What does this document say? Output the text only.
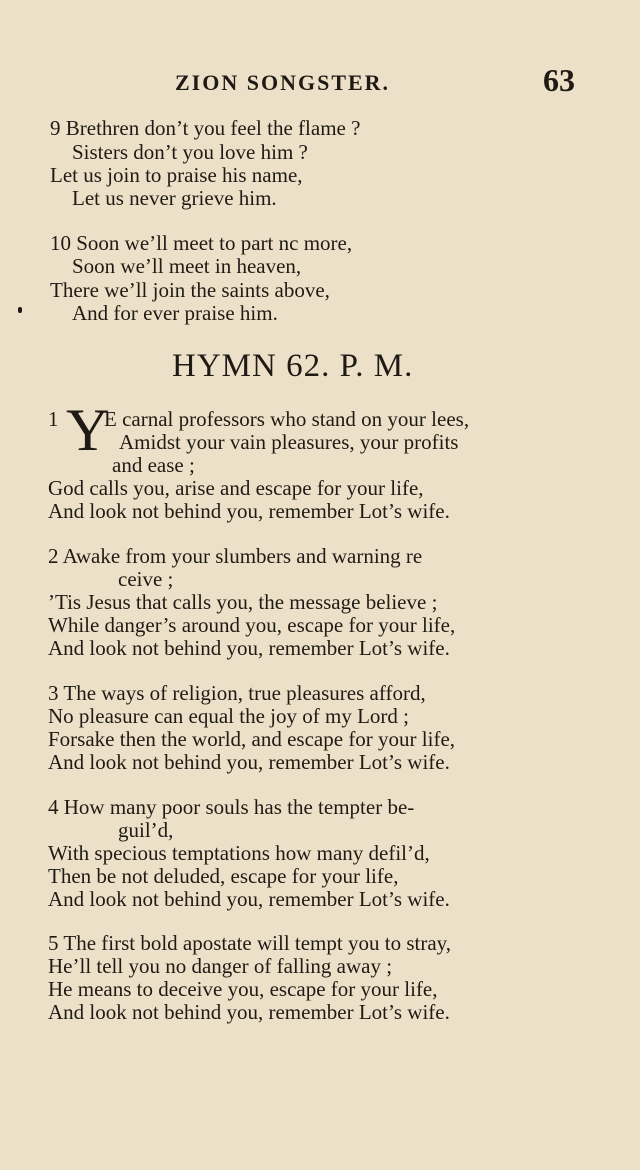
ZION SONGSTER.	63
9 Brethren don’t you feel the flame ?
Sisters don’t you love him ?
Let us join to praise his name,
Let us never grieve him.
10 Soon we’ll meet to part nc more,
Soon we’ll meet in heaven,
There we’ll join the saints above,
And for ever praise him.
HYMN 62. P. M.
1 Y
E carnal professors who stand on your lees,
Amidst your vain pleasures, your profits
and ease ;
God calls you, arise and escape for your life,
And look not behind you, remember Lot’s wife.
2 Awake from your slumbers and warning re
ceive ;
’Tis Jesus that calls you, the message believe ;
While danger’s around you, escape for your life,
And look not behind you, remember Lot’s wife.
3 The ways of religion, true pleasures afford,
No pleasure can equal the joy of my Lord ;
Forsake then the world, and escape for your life,
And look not behind you, remember Lot’s wife.
4 How many poor souls has the tempter be-
guil’d,
With specious temptations how many defil’d,
Then be not deluded, escape for your life,
And look not behind you, remember Lot’s wife.
5 The first bold apostate will tempt you to stray,
He’ll tell you no danger of falling away ;
He means to deceive you, escape for your life,
And look not behind you, remember Lot’s wife.
